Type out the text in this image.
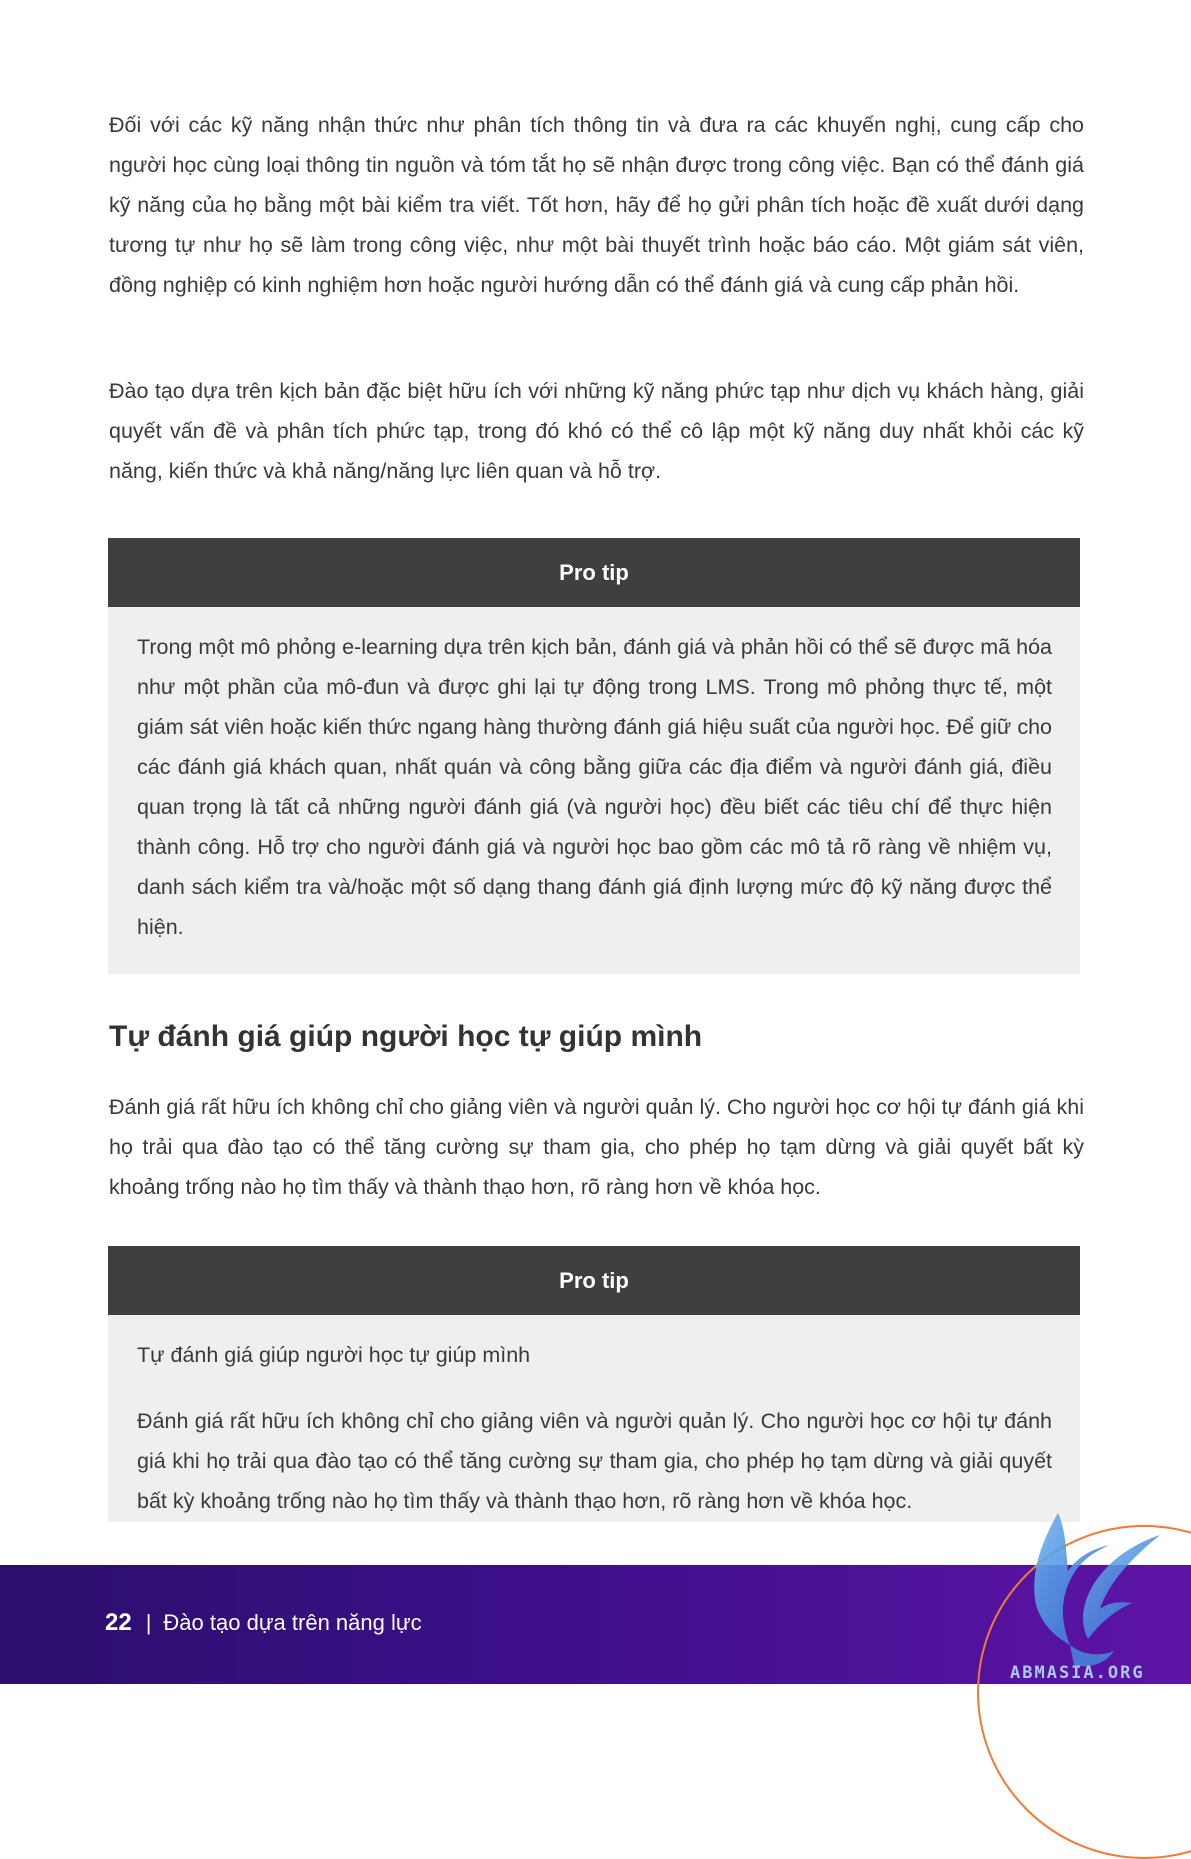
Đối với các kỹ năng nhận thức như phân tích thông tin và đưa ra các khuyến nghị, cung cấp cho người học cùng loại thông tin nguồn và tóm tắt họ sẽ nhận được trong công việc. Bạn có thể đánh giá kỹ năng của họ bằng một bài kiểm tra viết. Tốt hơn, hãy để họ gửi phân tích hoặc đề xuất dưới dạng tương tự như họ sẽ làm trong công việc, như một bài thuyết trình hoặc báo cáo. Một giám sát viên, đồng nghiệp có kinh nghiệm hơn hoặc người hướng dẫn có thể đánh giá và cung cấp phản hồi.

Đào tạo dựa trên kịch bản đặc biệt hữu ích với những kỹ năng phức tạp như dịch vụ khách hàng, giải quyết vấn đề và phân tích phức tạp, trong đó khó có thể cô lập một kỹ năng duy nhất khỏi các kỹ năng, kiến thức và khả năng/năng lực liên quan và hỗ trợ.

Pro tip

Trong một mô phỏng e-learning dựa trên kịch bản, đánh giá và phản hồi có thể sẽ được mã hóa như một phần của mô-đun và được ghi lại tự động trong LMS. Trong mô phỏng thực tế, một giám sát viên hoặc kiến thức ngang hàng thường đánh giá hiệu suất của người học. Để giữ cho các đánh giá khách quan, nhất quán và công bằng giữa các địa điểm và người đánh giá, điều quan trọng là tất cả những người đánh giá (và người học) đều biết các tiêu chí để thực hiện thành công. Hỗ trợ cho người đánh giá và người học bao gồm các mô tả rõ ràng về nhiệm vụ, danh sách kiểm tra và/hoặc một số dạng thang đánh giá định lượng mức độ kỹ năng được thể hiện.

Tự đánh giá giúp người học tự giúp mình

Đánh giá rất hữu ích không chỉ cho giảng viên và người quản lý. Cho người học cơ hội tự đánh giá khi họ trải qua đào tạo có thể tăng cường sự tham gia, cho phép họ tạm dừng và giải quyết bất kỳ khoảng trống nào họ tìm thấy và thành thạo hơn, rõ ràng hơn về khóa học.

Pro tip

Tự đánh giá giúp người học tự giúp mình

Đánh giá rất hữu ích không chỉ cho giảng viên và người quản lý. Cho người học cơ hội tự đánh giá khi họ trải qua đào tạo có thể tăng cường sự tham gia, cho phép họ tạm dừng và giải quyết bất kỳ khoảng trống nào họ tìm thấy và thành thạo hơn, rõ ràng hơn về khóa học.

22 | Đào tạo dựa trên năng lực
ABMASIA.ORG
